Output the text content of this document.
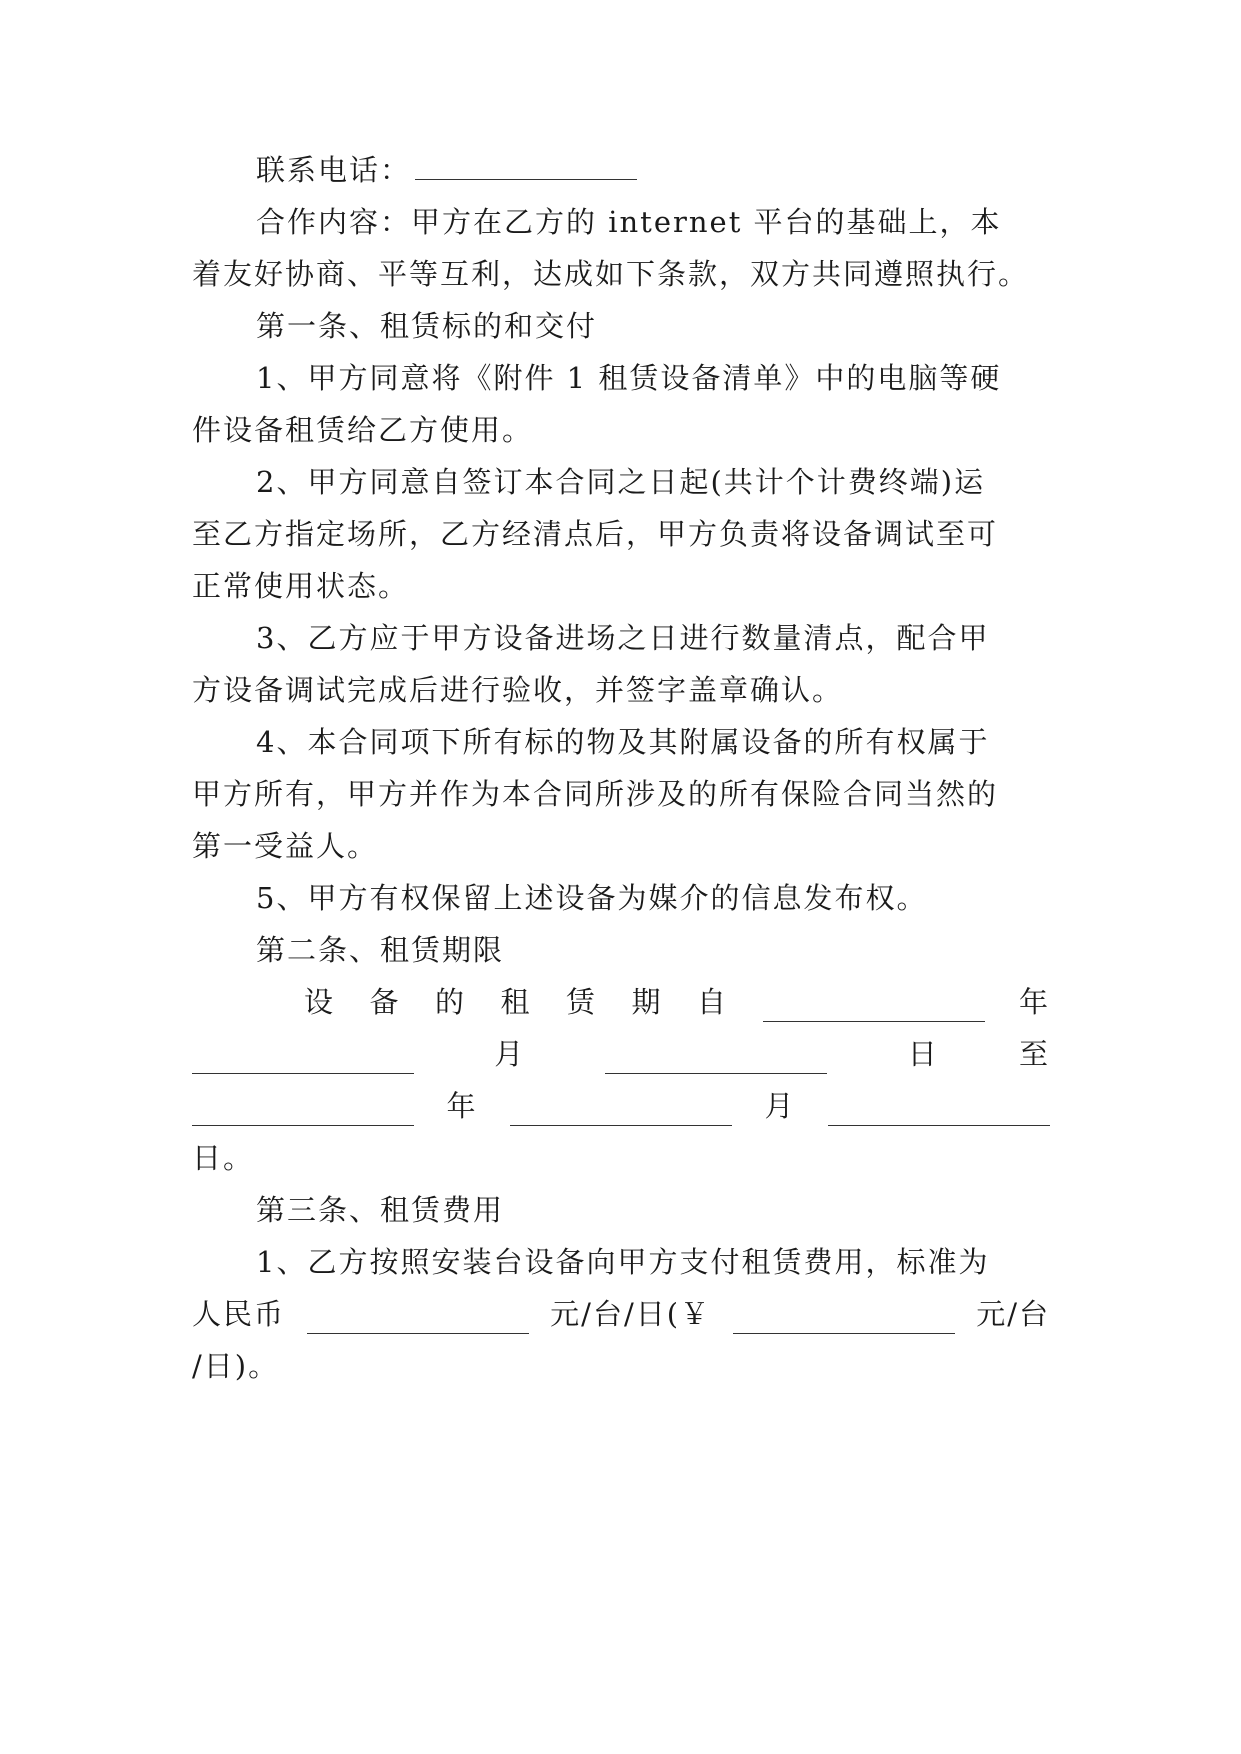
联系电话：
合作内容：甲方在乙方的 internet 平台的基础上，本
着友好协商、平等互利，达成如下条款，双方共同遵照执行。
第一条、租赁标的和交付
1、甲方同意将《附件 1 租赁设备清单》中的电脑等硬
件设备租赁给乙方使用。
2、甲方同意自签订本合同之日起(共计个计费终端)运
至乙方指定场所，乙方经清点后，甲方负责将设备调试至可
正常使用状态。
3、乙方应于甲方设备进场之日进行数量清点，配合甲
方设备调试完成后进行验收，并签字盖章确认。
4、本合同项下所有标的物及其附属设备的所有权属于
甲方所有，甲方并作为本合同所涉及的所有保险合同当然的
第一受益人。
5、甲方有权保留上述设备为媒介的信息发布权。
第二条、租赁期限
设 备 的 租 赁 期 自	年
月	日	至
年	月
日。
第三条、租赁费用
1、乙方按照安装台设备向甲方支付租赁费用，标准为
人民币	元/台/日(￥	元/台
/日)。
